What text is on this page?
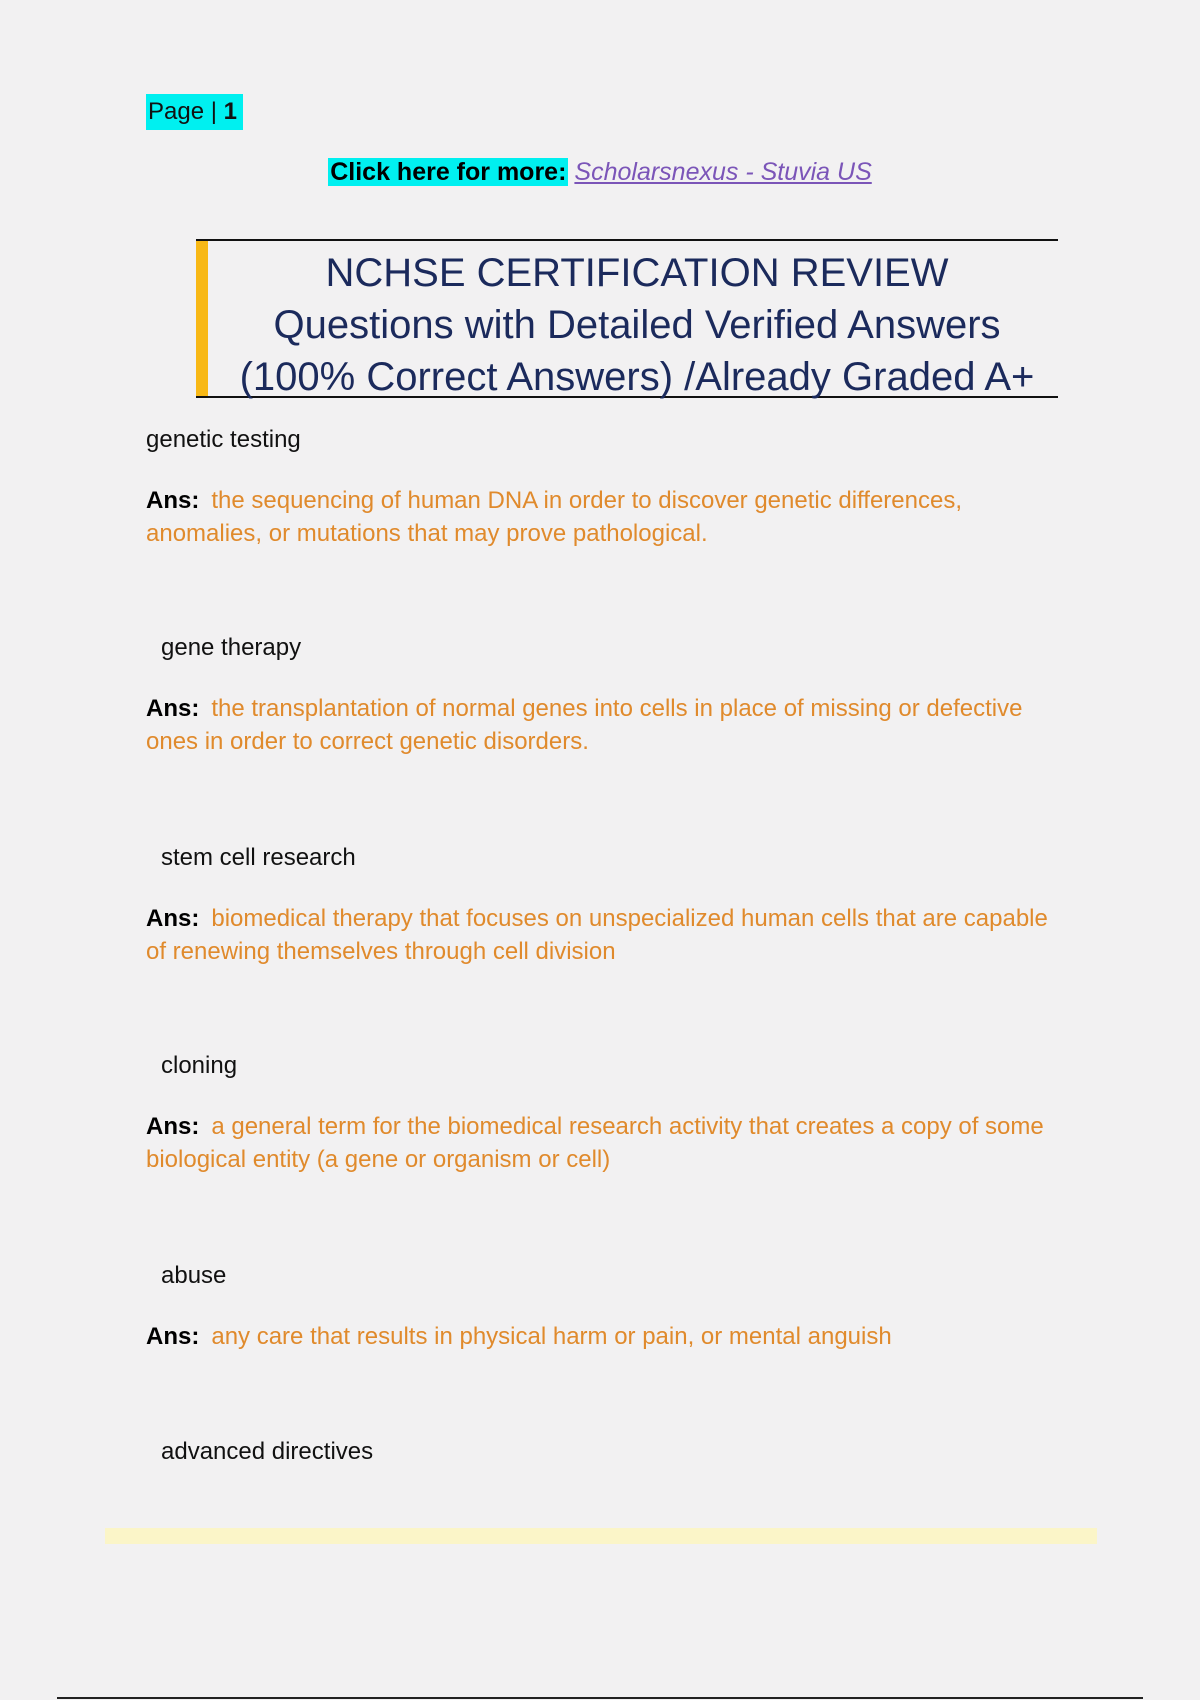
Page | 1
Click here for more: Scholarsnexus - Stuvia US
NCHSE CERTIFICATION REVIEW
Questions with Detailed Verified Answers
(100% Correct Answers) /Already Graded A+
genetic testing
Ans: the sequencing of human DNA in order to discover genetic differences, anomalies, or mutations that may prove pathological.
gene therapy
Ans: the transplantation of normal genes into cells in place of missing or defective ones in order to correct genetic disorders.
stem cell research
Ans: biomedical therapy that focuses on unspecialized human cells that are capable of renewing themselves through cell division
cloning
Ans: a general term for the biomedical research activity that creates a copy of some biological entity (a gene or organism or cell)
abuse
Ans: any care that results in physical harm or pain, or mental anguish
advanced directives
